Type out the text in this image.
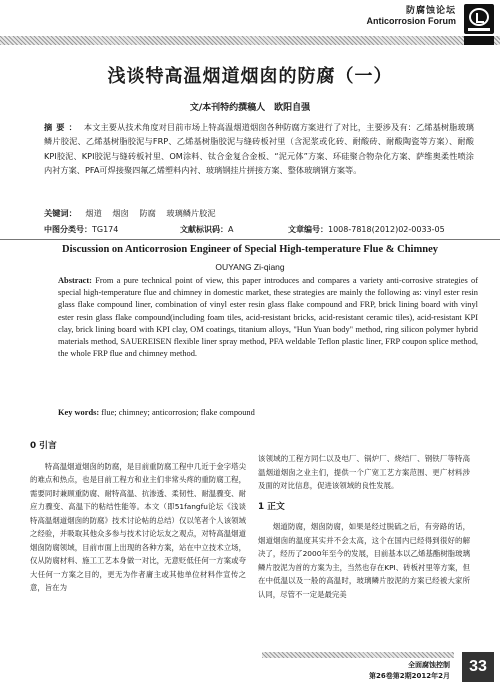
防腐蚀论坛
Anticorrosion Forum
浅谈特高温烟道烟囱的防腐（一）
文/本刊特约撰稿人　欧阳自强
摘要： 本文主要从技术角度对目前市场上特高温烟道烟囱各种防腐方案进行了对比，主要涉及有：乙烯基树脂玻璃鳞片胶泥、乙烯基树脂胶泥与FRP、乙烯基树脂胶泥与缝砖板衬里（含泥浆或化砖、耐酸砖、耐酸陶瓷等方案）、耐酸KPI胶泥、KPI胶泥与缝砖板衬里、OM涂料、钛合金复合金板、“泥元体”方案、环硅聚合物杂化方案、萨维奥柔性喷涂内衬方案、PFA可焊接聚四氟乙烯塑料内衬、玻璃钢挂片拼接方案、整体玻璃钢方案等。
关键词： 烟道 烟囱 防腐 玻璃鳞片胶泥
中图分类号：TG174	文献标识码：A	文章编号：1008-7818(2012)02-0033-05
Discussion on Anticorrosion Engineer of Special High-temperature Flue & Chimney
OUYANG Zi-qiang
Abstract: From a pure technical point of view, this paper introduces and compares a variety anti-corrosive strategies of special high-temperature flue and chimney in domestic market, these strategies are mainly the following as: vinyl ester resin glass flake compound liner, combination of vinyl ester resin glass flake compound and FRP, brick lining board with vinyl ester resin glass flake compound(including foam tiles, acid-resistant bricks, acid-resistant ceramic tiles), acid-resistant KPI clay, brick lining board with KPI clay, OM coatings, titanium alloys, "Hun Yuan body" method, ring silicon polymer hybrid materials method, SAUEREISEN flexible liner spray method, PFA weldable Teflon plastic liner, FRP coupon splice method, the whole FRP flue and chimney method.
Key words: flue; chimney; anticorrosion; flake compound
0 引言
特高温烟道烟囱的防腐，是目前重防腐工程中几近于金字塔尖的难点和热点，也是目前工程方和业主们非常头疼的重防腐工程，需要同时兼顾重防腐、耐特高温、抗渗透、柔韧性、耐温骤变、耐应力骤变、高温下的粘结性能等。本文（即51fangfu论坛《浅谈特高温烟道烟囱的防腐》技术讨论帖的总结）仅以笔者个人该领域之经验，并吸取其他众多参与技术讨论坛友之观点，对特高温烟道烟囱防腐领域，目前市面上出现的各种方案，站在中立技术立场，仅从防腐材料、施工工艺本身做一对比，无意贬低任何一方案或夸大任何一方案之目的，更无为作者庸主或其他单位材料作宣传之意，旨在为
该领域的工程方同仁以及电厂、锅炉厂、烧结厂、钢铁厂等特高温烟道烟囱之业主们，提供一个广宽工艺方案范围、更广材料涉及面的对比信息，促进该领域的良性发展。
1 正文
烟道防腐，烟囱防腐，如果是经过脱硫之后，有旁路的话，烟道烟囱的温度其实并不会太高，这个在国内已经得到很好的解决了，经历了2000年至今的发展，目前基本以乙烯基酯树脂玻璃鳞片胶泥为首的方案为主，当然也存在KPI、砖板衬里等方案，但在中低温以及一般的高温时，玻璃鳞片胶泥的方案已经被大家所认同，尽管不一定是最完美
全面腐蚀控制
第26卷第2期2012年2月
33
